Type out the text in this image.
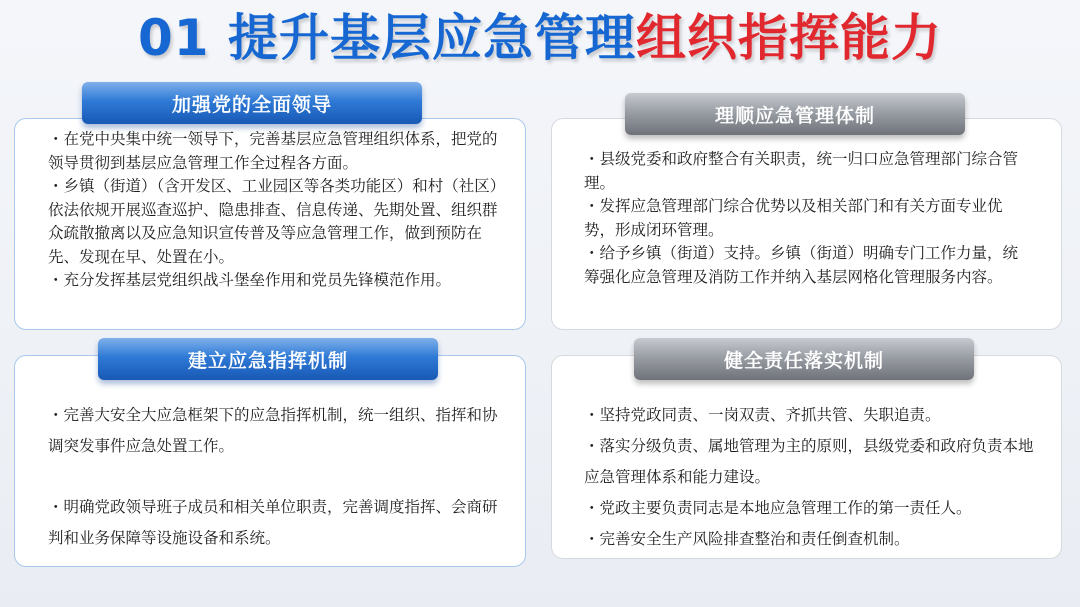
01 提升基层应急管理组织指挥能力
加强党的全面领导

・在党中央集中统一领导下，完善基层应急管理组织体系，把党的领导贯彻到基层应急管理工作全过程各方面。

・乡镇（街道）（含开发区、工业园区等各类功能区）和村（社区）依法依规开展巡查巡护、隐患排查、信息传递、先期处置、组织群众疏散撤离以及应急知识宣传普及等应急管理工作，做到预防在先、发现在早、处置在小。

・充分发挥基层党组织战斗堡垒作用和党员先锋模范作用。

理顺应急管理体制

・县级党委和政府整合有关职责，统一归口应急管理部门综合管理。

・发挥应急管理部门综合优势以及相关部门和有关方面专业优势，形成闭环管理。

・给予乡镇（街道）支持。乡镇（街道）明确专门工作力量，统筹强化应急管理及消防工作并纳入基层网格化管理服务内容。

建立应急指挥机制

・完善大安全大应急框架下的应急指挥机制，统一组织、指挥和协调突发事件应急处置工作。

・明确党政领导班子成员和相关单位职责，完善调度指挥、会商研判和业务保障等设施设备和系统。

健全责任落实机制

・坚持党政同责、一岗双责、齐抓共管、失职追责。

・落实分级负责、属地管理为主的原则，县级党委和政府负责本地应急管理体系和能力建设。

・党政主要负责同志是本地应急管理工作的第一责任人。

・完善安全生产风险排查整治和责任倒查机制。
